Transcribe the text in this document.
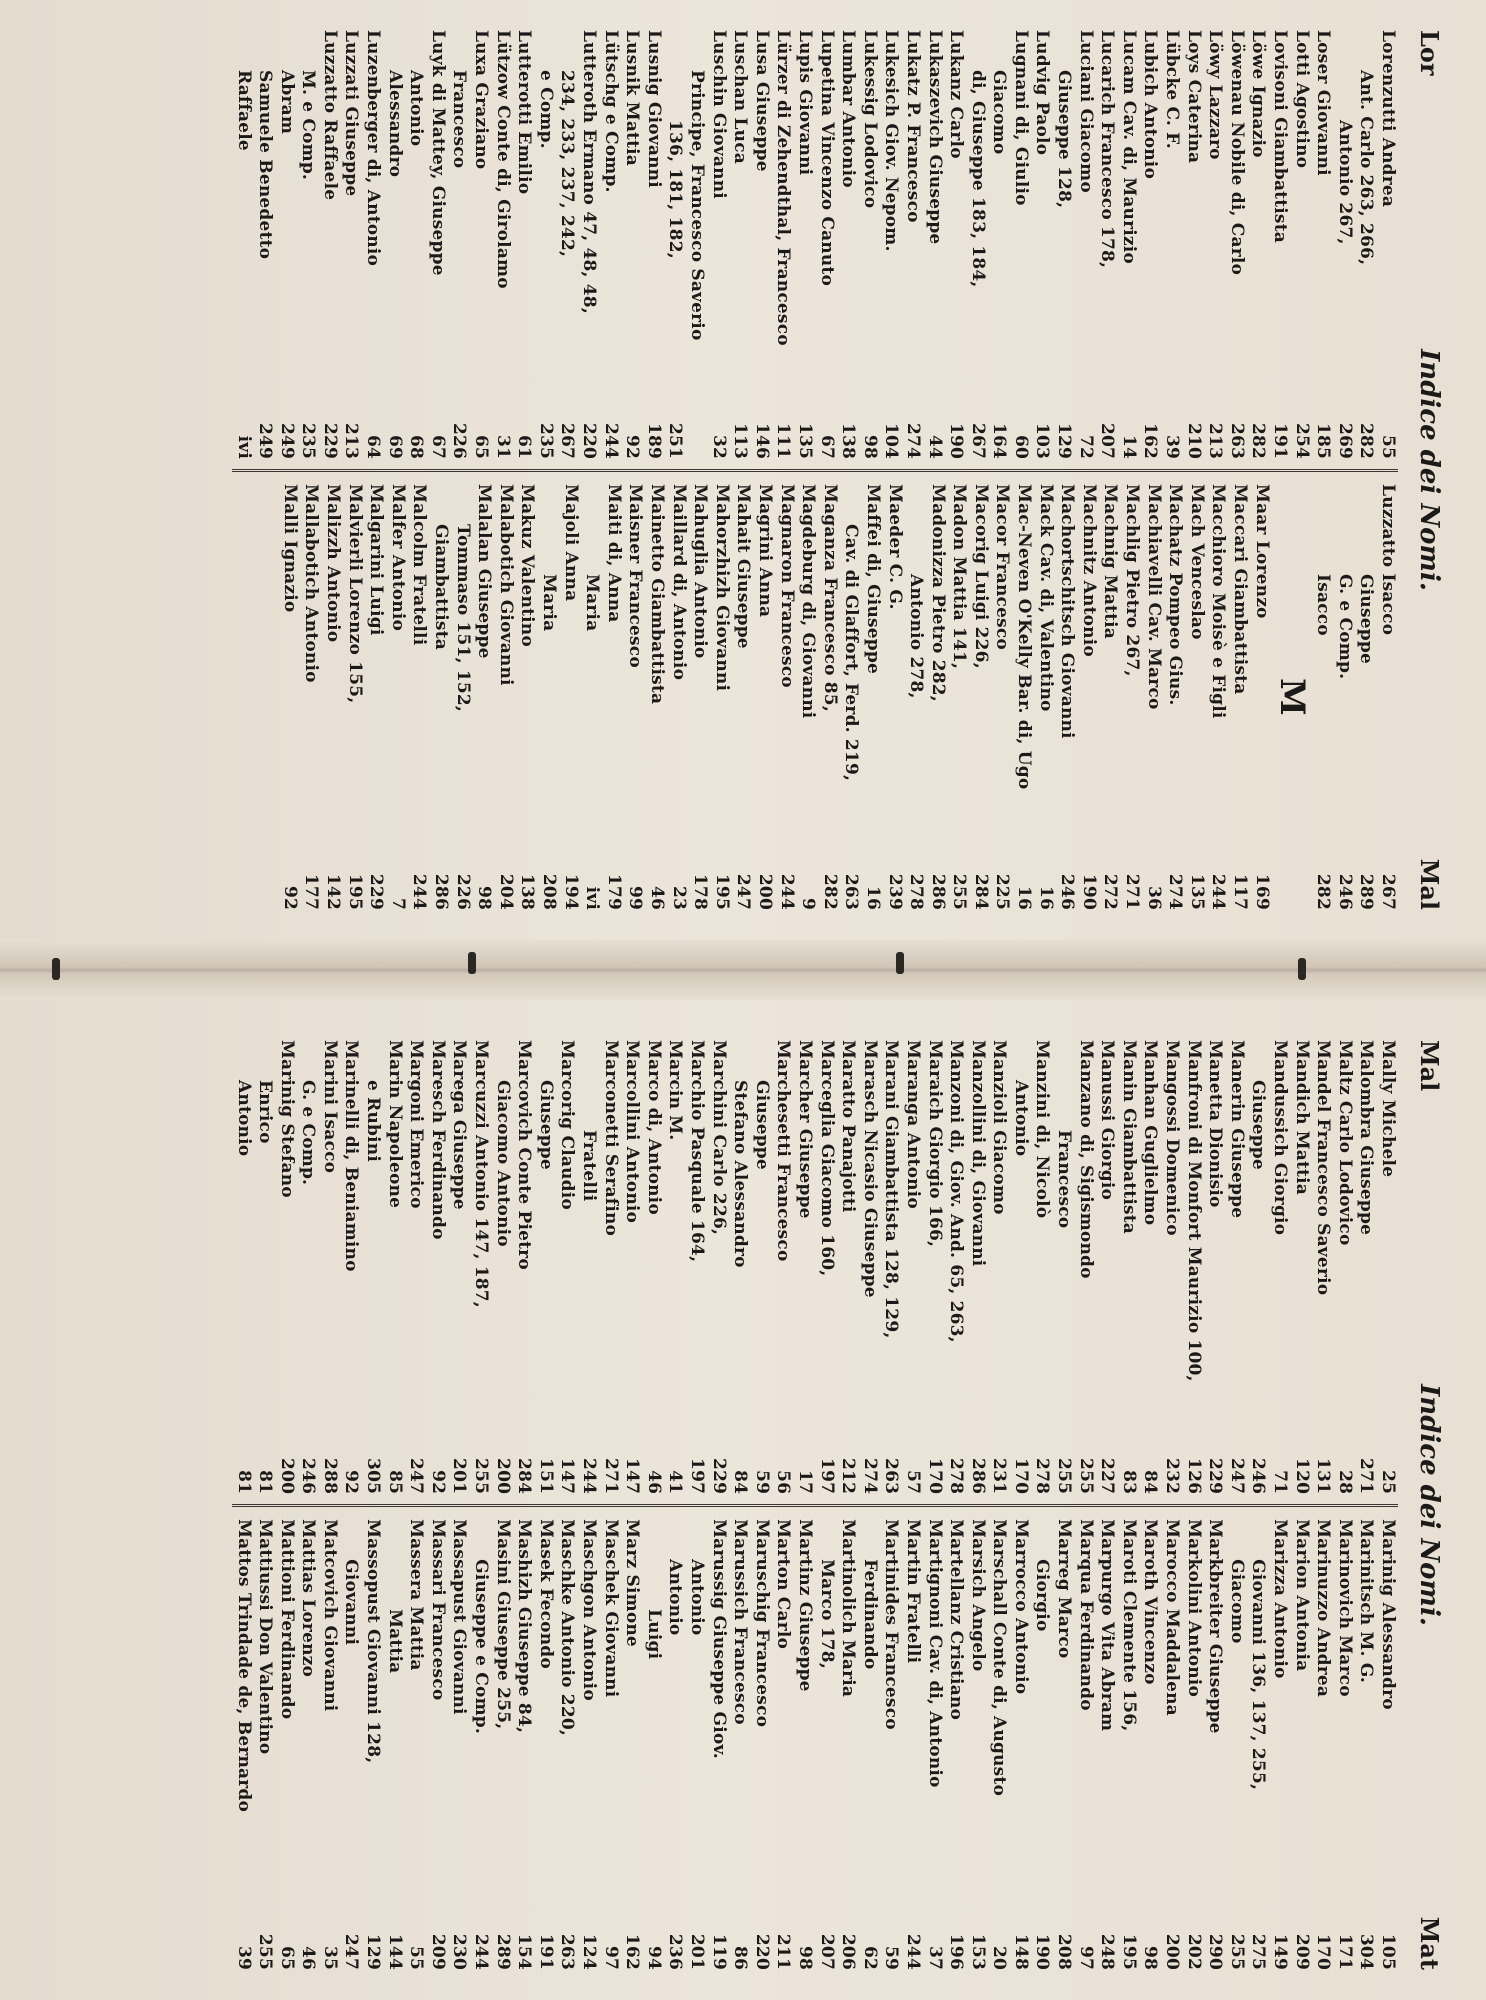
Lor
Indice dei Nomi.
Mal
Lorenzutti Andrea
55
Ant. Carlo 263, 266,
282
Antonio 267,
269
Loser Giovanni
185
Lotti Agostino
254
Lovisoni Giambattista
191
Löwe Ignazio
282
Löwenau Nobile di, Carlo
263
Löwy Lazzaro
213
Loys Caterina
210
Lübcke C. F.
39
Lubich Antonio
162
Lucam Cav. di, Maurizio
14
Lucarich Francesco 178,
207
Luciani Giacomo
72
Giuseppe 128,
129
Ludvig Paolo
103
Lugnani di, Giulio
60
Giacomo
164
di, Giuseppe 183, 184,
267
Lukanz Carlo
190
Lukaszevich Giuseppe
44
Lukatz P. Francesco
274
Lukesich Giov. Nepom.
104
Lukessig Lodovico
98
Lumbar Antonio
138
Lupetina Vincenzo Canuto
67
Lupis Giovanni
135
Lürzer di Zehendthal, Francesco
111
Lusa Giuseppe
146
Luschan Luca
113
Luschin Giovanni
32
Principe, Francesco Saverio
136, 181, 182,
251
Lusnig Giovanni
189
Lusnik Mattia
92
Lütschg e Comp.
244
Lutteroth Ermano 47, 48, 48,
220
234, 233, 237, 242,
267
e Comp.
235
Lutterotti Emilio
61
Lützow Conte di, Girolamo
31
Luxa Graziano
65
Francesco
226
Luyk di Mattey, Giuseppe
67
Antonio
68
Alessandro
69
Luzenberger di, Antonio
64
Luzzati Giuseppe
213
Luzzatto Raffaele
229
M. e Comp.
235
Abram
249
Samuele Benedetto
249
Raffaele
ivi
Luzzatto Isacco
267
Giuseppe
289
G. e Comp.
246
Isacco
282
M
Maar Lorenzo
169
Maccari Giambattista
117
Macchioro Moisè e Figli
244
Mach Venceslao
135
Machatz Pompeo Gius.
274
Machiavelli Cav. Marco
36
Machlig Pietro 267,
271
Machnig Mattia
272
Machnitz Antonio
190
Machortschitsch Giovanni
246
Mack Cav. di, Valentino
16
Mac-Neven O'Kelly Bar. di, Ugo
16
Macor Francesco
225
Macorig Luigi 226,
284
Madon Mattia 141,
255
Madonizza Pietro 282,
286
Antonio 278,
278
Maeder C. G.
239
Maffei di, Giuseppe
16
Cav. di Glaffort, Ferd. 219,
263
Maganza Francesco 85,
282
Magdeburg di, Giovanni
9
Magnaron Francesco
244
Magrini Anna
200
Mahait Giuseppe
247
Mahorzhizh Giovanni
195
Mahuglia Antonio
178
Maillard di, Antonio
23
Mainetto Giambattista
46
Maisner Francesco
99
Maiti di, Anna
179
Maria
ivi
Majoli Anna
194
Maria
208
Makuz Valentino
138
Malabotich Giovanni
204
Malalan Giuseppe
98
Tommaso 151, 152,
226
Giambattista
286
Malcolm Fratelli
244
Malfer Antonio
7
Malgarini Luigi
229
Malvierli Lorenzo 155,
195
Malizzh Antonio
142
Mallabotich Antonio
177
Malli Ignazio
92
Mal
Indice dei Nomi.
Mat
Mally Michele
25
Malombra Giuseppe
271
Maltz Carlo Lodovico
28
Mandel Francesco Saverio
131
Mandich Mattia
120
Mandussich Giorgio
71
Giuseppe
246
Manerin Giuseppe
247
Manetta Dionisio
229
Manfroni di Monfort Maurizio 100,
126
Mangossi Domenico
232
Manhan Guglielmo
84
Manin Giambattista
83
Manussi Giorgio
227
Manzano di, Sigismondo
255
Francesco
255
Manzini di, Nicolò
278
Antonio
170
Manzioli Giacomo
231
Manzollini di, Giovanni
286
Manzoni di, Giov. And. 65, 263,
278
Maraich Giorgio 166,
170
Maranga Antonio
57
Marani Giambattista 128, 129,
263
Marasch Nicasio Giuseppe
274
Maratto Panajotti
212
Marceglia Giacomo 160,
197
Marcher Giuseppe
17
Marchesetti Francesco
56
Giuseppe
59
Stefano Alessandro
84
Marchini Carlo 226,
229
Marchio Pasquale 164,
197
Marcin M.
41
Marco di, Antonio
46
Marcollini Antonio
147
Marconetti Serafino
271
Fratelli
244
Marcorig Claudio
147
Giuseppe
151
Marcovich Conte Pietro
284
Giacomo Antonio
200
Marcuzzi Antonio 147, 187,
255
Marega Giuseppe
201
Maresch Ferdinando
92
Margoni Emerico
247
Marin Napoleone
85
e Rubini
305
Marinelli di, Beniamino
92
Marini Isacco
288
G. e Comp.
246
Marinig Stefano
200
Enrico
81
Antonio
81
Marinig Alessandro
105
Marinitsch M. G.
304
Marinovich Marco
171
Marinuzzo Andrea
170
Marion Antonia
209
Marizza Antonio
149
Giovanni 136, 137, 255,
275
Giacomo
255
Markbreiter Giuseppe
290
Markolini Antonio
202
Marocco Maddalena
200
Maroth Vincenzo
98
Maroti Clemente 156,
195
Marpurgo Vita Abram
248
Marqua Ferdinando
97
Marreg Marco
208
Giorgio
190
Marrocco Antonio
148
Marschall Conte di, Augusto
20
Marsich Angelo
153
Martellanz Cristiano
196
Martignoni Cav. di, Antonio
37
Martin Fratelli
244
Martinides Francesco
59
Ferdinando
62
Martinolich Maria
206
Marco 178,
207
Martinz Giuseppe
98
Marton Carlo
211
Maruschig Francesco
220
Marussich Francesco
86
Marussig Giuseppe Giov.
119
Antonio
201
Antonio
236
Luigi
94
Marz Simone
162
Maschek Giovanni
97
Maschgon Antonio
124
Maschke Antonio 220,
263
Masek Fecondo
191
Mashizh Giuseppe 84,
154
Masini Giuseppe 255,
289
Giuseppe e Comp.
244
Massapust Giovanni
230
Massari Francesco
209
Massera Mattia
55
Mattia
144
Massopust Giovanni 128,
129
Giovanni
247
Matcovich Giovanni
35
Mattias Lorenzo
46
Mattioni Ferdinando
65
Mattiussi Don Valentino
255
Mattos Trindade de, Bernardo
39
